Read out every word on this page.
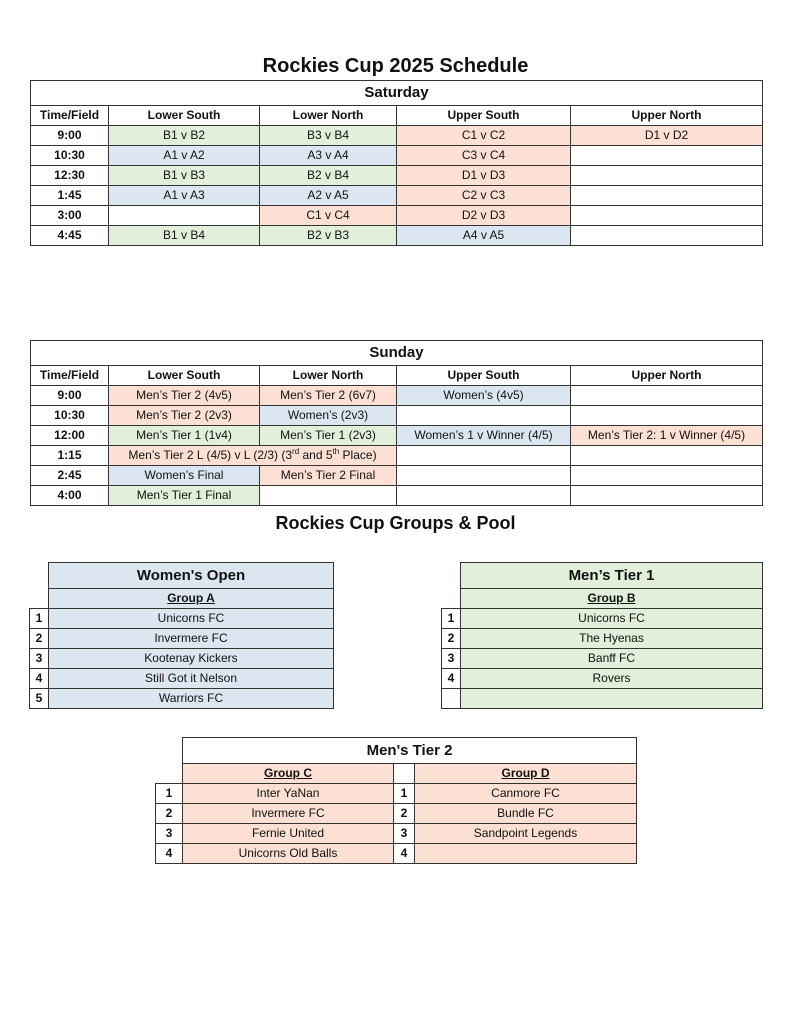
Rockies Cup 2025 Schedule
Saturday				
Time/Field	Lower South	Lower North	Upper South	Upper North
9:00	B1 v B2	B3 v B4	C1 v C2	D1 v D2
10:30	A1 v A2	A3 v A4	C3 v C4	
12:30	B1 v B3	B2 v B4	D1 v D3	
1:45	A1 v A3	A2 v A5	C2 v C3	
3:00		C1 v C4	D2 v D3	
4:45	B1 v B4	B2 v B3	A4 v A5	
Sunday				
Time/Field	Lower South	Lower North	Upper South	Upper North
9:00	Men’s Tier 2 (4v5)	Men’s Tier 2 (6v7)	Women’s (4v5)	
10:30	Men’s Tier 2 (2v3)	Women’s (2v3)		
12:00	Men’s Tier 1 (1v4)	Men’s Tier 1 (2v3)	Women’s 1 v Winner (4/5)	Men’s Tier 2: 1 v Winner (4/5)
1:15	Men’s Tier 2 L (4/5) v L (2/3) (3rd and 5th Place)			
2:45	Women’s Final	Men’s Tier 2 Final		
4:00	Men’s Tier 1 Final			
Rockies Cup Groups & Pool
	Women's Open
	Group A
1	Unicorns FC
2	Invermere FC
3	Kootenay Kickers
4	Still Got it Nelson
5	Warriors FC
	Men’s Tier 1
	Group B
1	Unicorns FC
2	The Hyenas
3	Banff FC
4	Rovers

	Men's Tier 2		
	Group C		Group D
1	Inter YaNan	1	Canmore FC
2	Invermere FC	2	Bundle FC
3	Fernie United	3	Sandpoint Legends
4	Unicorns Old Balls	4	
